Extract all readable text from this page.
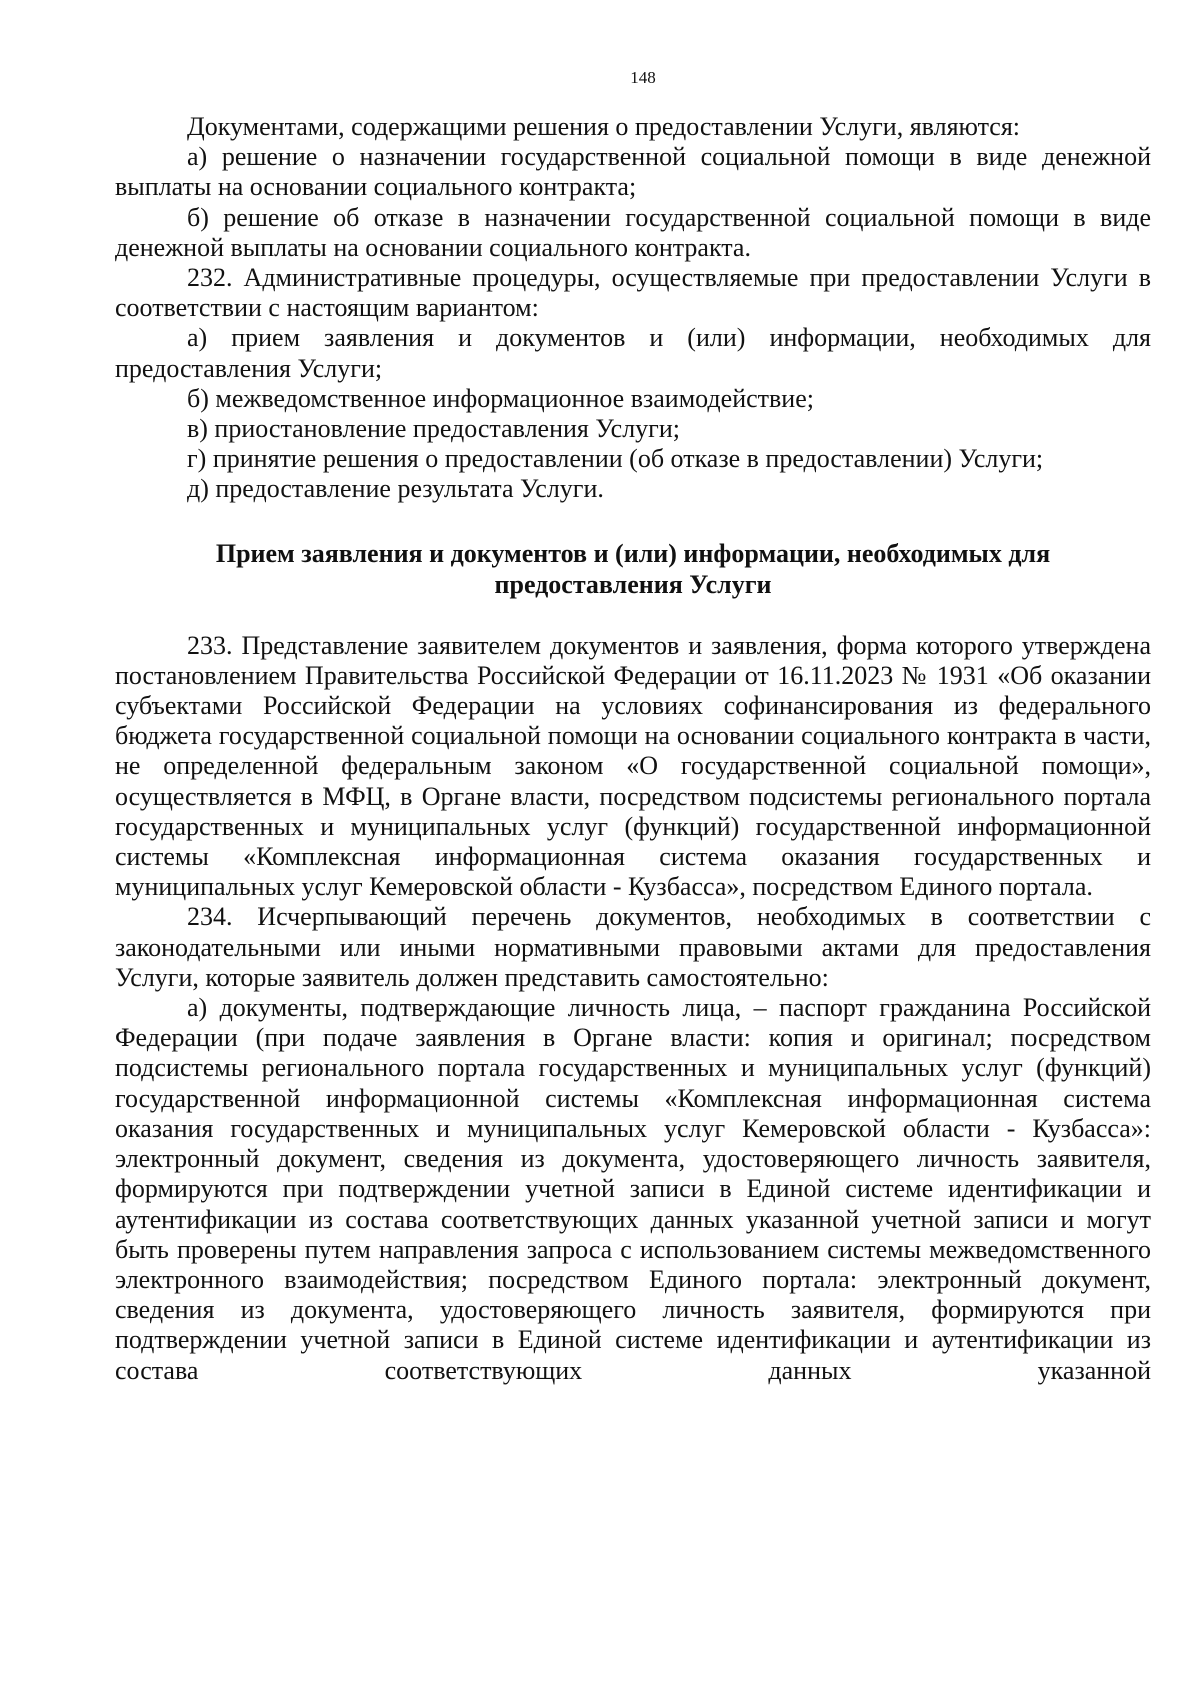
148

Документами, содержащими решения о предоставлении Услуги, являются:

а) решение о назначении государственной социальной помощи в виде денежной выплаты на основании социального контракта;

б) решение об отказе в назначении государственной социальной помощи в виде денежной выплаты на основании социального контракта.

232. Административные процедуры, осуществляемые при предоставлении Услуги в соответствии с настоящим вариантом:

а) прием заявления и документов и (или) информации, необходимых для предоставления Услуги;

б) межведомственное информационное взаимодействие;

в) приостановление предоставления Услуги;

г) принятие решения о предоставлении (об отказе в предоставлении) Услуги;

д) предоставление результата Услуги.

Прием заявления и документов и (или) информации, необходимых для
предоставления Услуги

233. Представление заявителем документов и заявления, форма которого утверждена постановлением Правительства Российской Федерации от 16.11.2023 № 1931 «Об оказании субъектами Российской Федерации на условиях софинансирования из федерального бюджета государственной социальной помощи на основании социального контракта в части, не определенной федеральным законом «О государственной социальной помощи», осуществляется в МФЦ, в Органе власти, посредством подсистемы регионального портала государственных и муниципальных услуг (функций) государственной информационной системы «Комплексная информационная система оказания государственных и муниципальных услуг Кемеровской области - Кузбасса», посредством Единого портала.

234. Исчерпывающий перечень документов, необходимых в соответствии с законодательными или иными нормативными правовыми актами для предоставления Услуги, которые заявитель должен представить самостоятельно:

а) документы, подтверждающие личность лица, – паспорт гражданина Российской Федерации (при подаче заявления в Органе власти: копия и оригинал; посредством подсистемы регионального портала государственных и муниципальных услуг (функций) государственной информационной системы «Комплексная информационная система оказания государственных и муниципальных услуг Кемеровской области - Кузбасса»: электронный документ, сведения из документа, удостоверяющего личность заявителя, формируются при подтверждении учетной записи в Единой системе идентификации и аутентификации из состава соответствующих данных указанной учетной записи и могут быть проверены путем направления запроса с использованием системы межведомственного электронного взаимодействия; посредством Единого портала: электронный документ, сведения из документа, удостоверяющего личность заявителя, формируются при подтверждении учетной записи в Единой системе идентификации и аутентификации из состава соответствующих данных указанной
